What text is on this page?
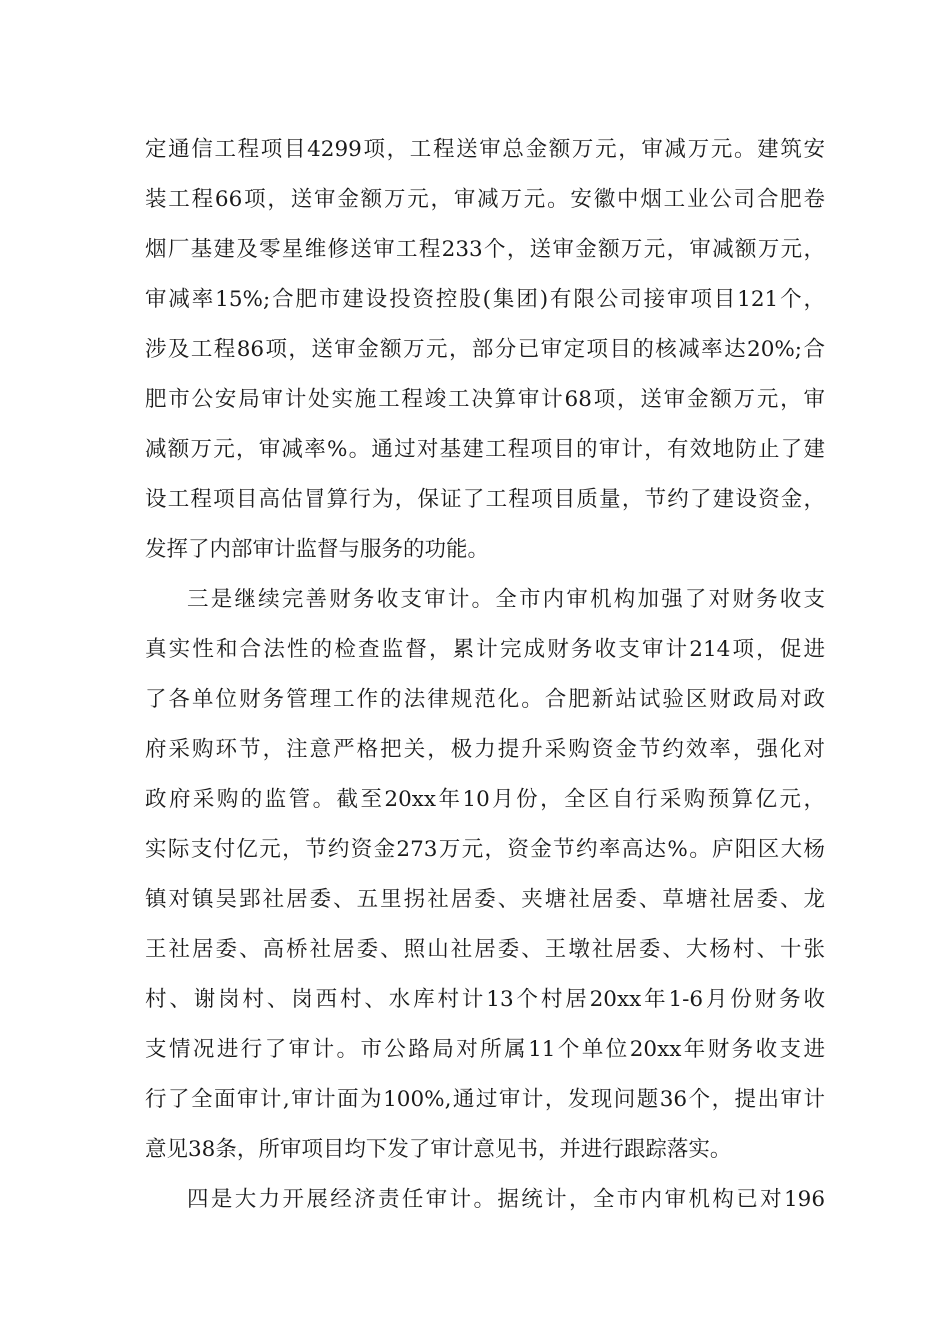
定通信工程项目4299项，工程送审总金额万元，审减万元。建筑安
装工程66项，送审金额万元，审减万元。安徽中烟工业公司合肥卷
烟厂基建及零星维修送审工程233个，送审金额万元，审减额万元，
审减率15%;合肥市建设投资控股(集团)有限公司接审项目121个，
涉及工程86项，送审金额万元，部分已审定项目的核减率达20%;合
肥市公安局审计处实施工程竣工决算审计68项，送审金额万元，审
减额万元，审减率%。通过对基建工程项目的审计，有效地防止了建
设工程项目高估冒算行为，保证了工程项目质量，节约了建设资金，
发挥了内部审计监督与服务的功能。
三是继续完善财务收支审计。全市内审机构加强了对财务收支
真实性和合法性的检查监督，累计完成财务收支审计214项，促进
了各单位财务管理工作的法律规范化。合肥新站试验区财政局对政
府采购环节，注意严格把关，极力提升采购资金节约效率，强化对
政府采购的监管。截至20xx年10月份，全区自行采购预算亿元，
实际支付亿元，节约资金273万元，资金节约率高达%。庐阳区大杨
镇对镇吴郢社居委、五里拐社居委、夹塘社居委、草塘社居委、龙
王社居委、高桥社居委、照山社居委、王墩社居委、大杨村、十张
村、谢岗村、岗西村、水库村计13个村居20xx年1-6月份财务收
支情况进行了审计。市公路局对所属11个单位20xx年财务收支进
行了全面审计,审计面为100%,通过审计，发现问题36个，提出审计
意见38条，所审项目均下发了审计意见书，并进行跟踪落实。
四是大力开展经济责任审计。据统计，全市内审机构已对196
